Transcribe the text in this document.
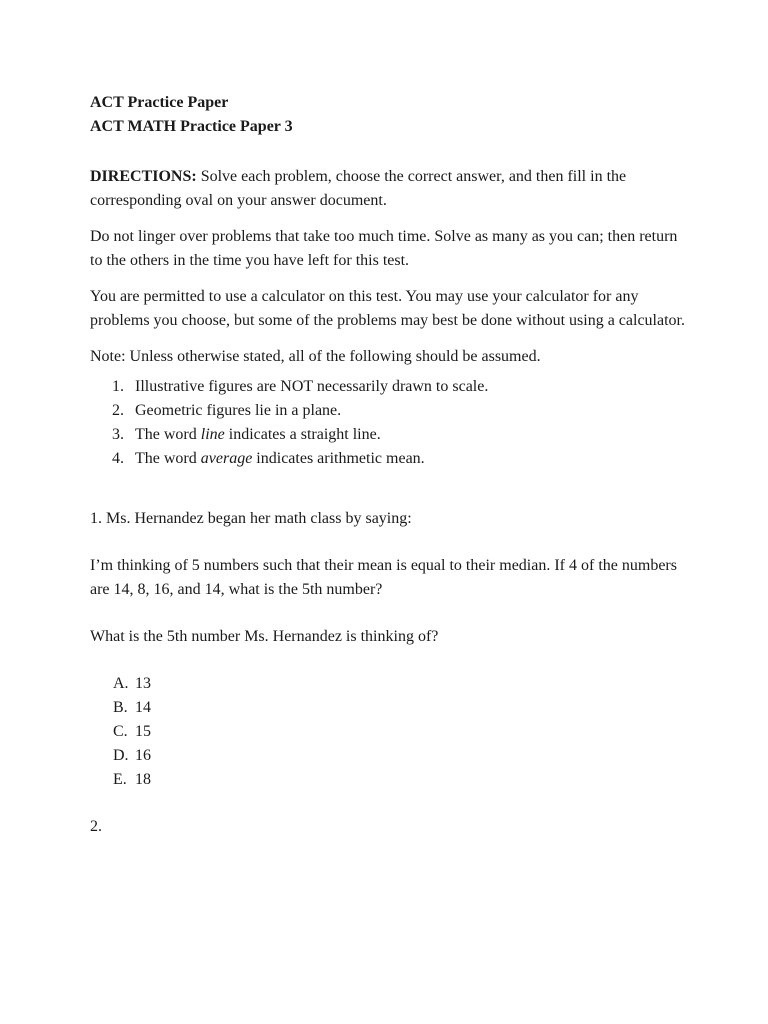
ACT Practice Paper

ACT MATH Practice Paper 3

DIRECTIONS: Solve each problem, choose the correct answer, and then fill in the corresponding oval on your answer document.

Do not linger over problems that take too much time. Solve as many as you can; then return to the others in the time you have left for this test.

You are permitted to use a calculator on this test. You may use your calculator for any problems you choose, but some of the problems may best be done without using a calculator.

Note: Unless otherwise stated, all of the following should be assumed.

1. Illustrative figures are NOT necessarily drawn to scale.
2. Geometric figures lie in a plane.
3. The word line indicates a straight line.
4. The word average indicates arithmetic mean.

1. Ms. Hernandez began her math class by saying:

I’m thinking of 5 numbers such that their mean is equal to their median. If 4 of the numbers are 14, 8, 16, and 14, what is the 5th number?

What is the 5th number Ms. Hernandez is thinking of?

A. 13
B. 14
C. 15
D. 16
E. 18

2.
